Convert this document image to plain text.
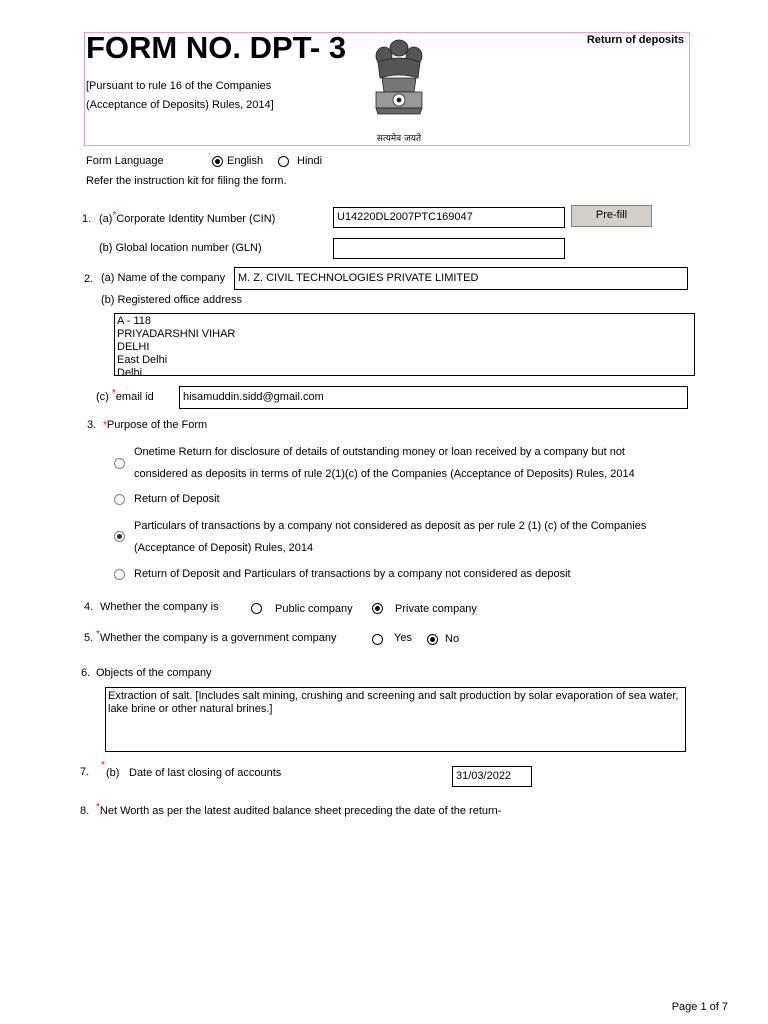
FORM NO. DPT- 3	Return of deposits
[Pursuant to rule 16 of the Companies
(Acceptance of Deposits) Rules, 2014]
सत्यमेव जयते
Form Language	English	Hindi
Refer the instruction kit for filing the form.
1. (a)*Corporate Identity Number (CIN)	U14220DL2007PTC169047	Pre-fill
(b) Global location number (GLN)
2. (a) Name of the company	M. Z. CIVIL TECHNOLOGIES PRIVATE LIMITED
(b) Registered office address
A - 118
PRIYADARSHNI VIHAR
DELHI
East Delhi
Delhi
(c) *email id	hisamuddin.sidd@gmail.com
3. *Purpose of the Form
Onetime Return for disclosure of details of outstanding money or loan received by a company but not
considered as deposits in terms of rule 2(1)(c) of the Companies (Acceptance of Deposits) Rules, 2014
Return of Deposit
Particulars of transactions by a company not considered as deposit as per rule 2 (1) (c) of the Companies
(Acceptance of Deposit) Rules, 2014
Return of Deposit and Particulars of transactions by a company not considered as deposit
4. Whether the company is	Public company	Private company
5. *Whether the company is a government company	Yes	No
6. Objects of the company
Extraction of salt. [Includes salt mining, crushing and screening and salt production by solar evaporation of sea water, lake brine or other natural brines.]
7.
*
(b) Date of last closing of accounts	31/03/2022
8. *Net Worth as per the latest audited balance sheet preceding the date of the return-
Page 1 of 7
